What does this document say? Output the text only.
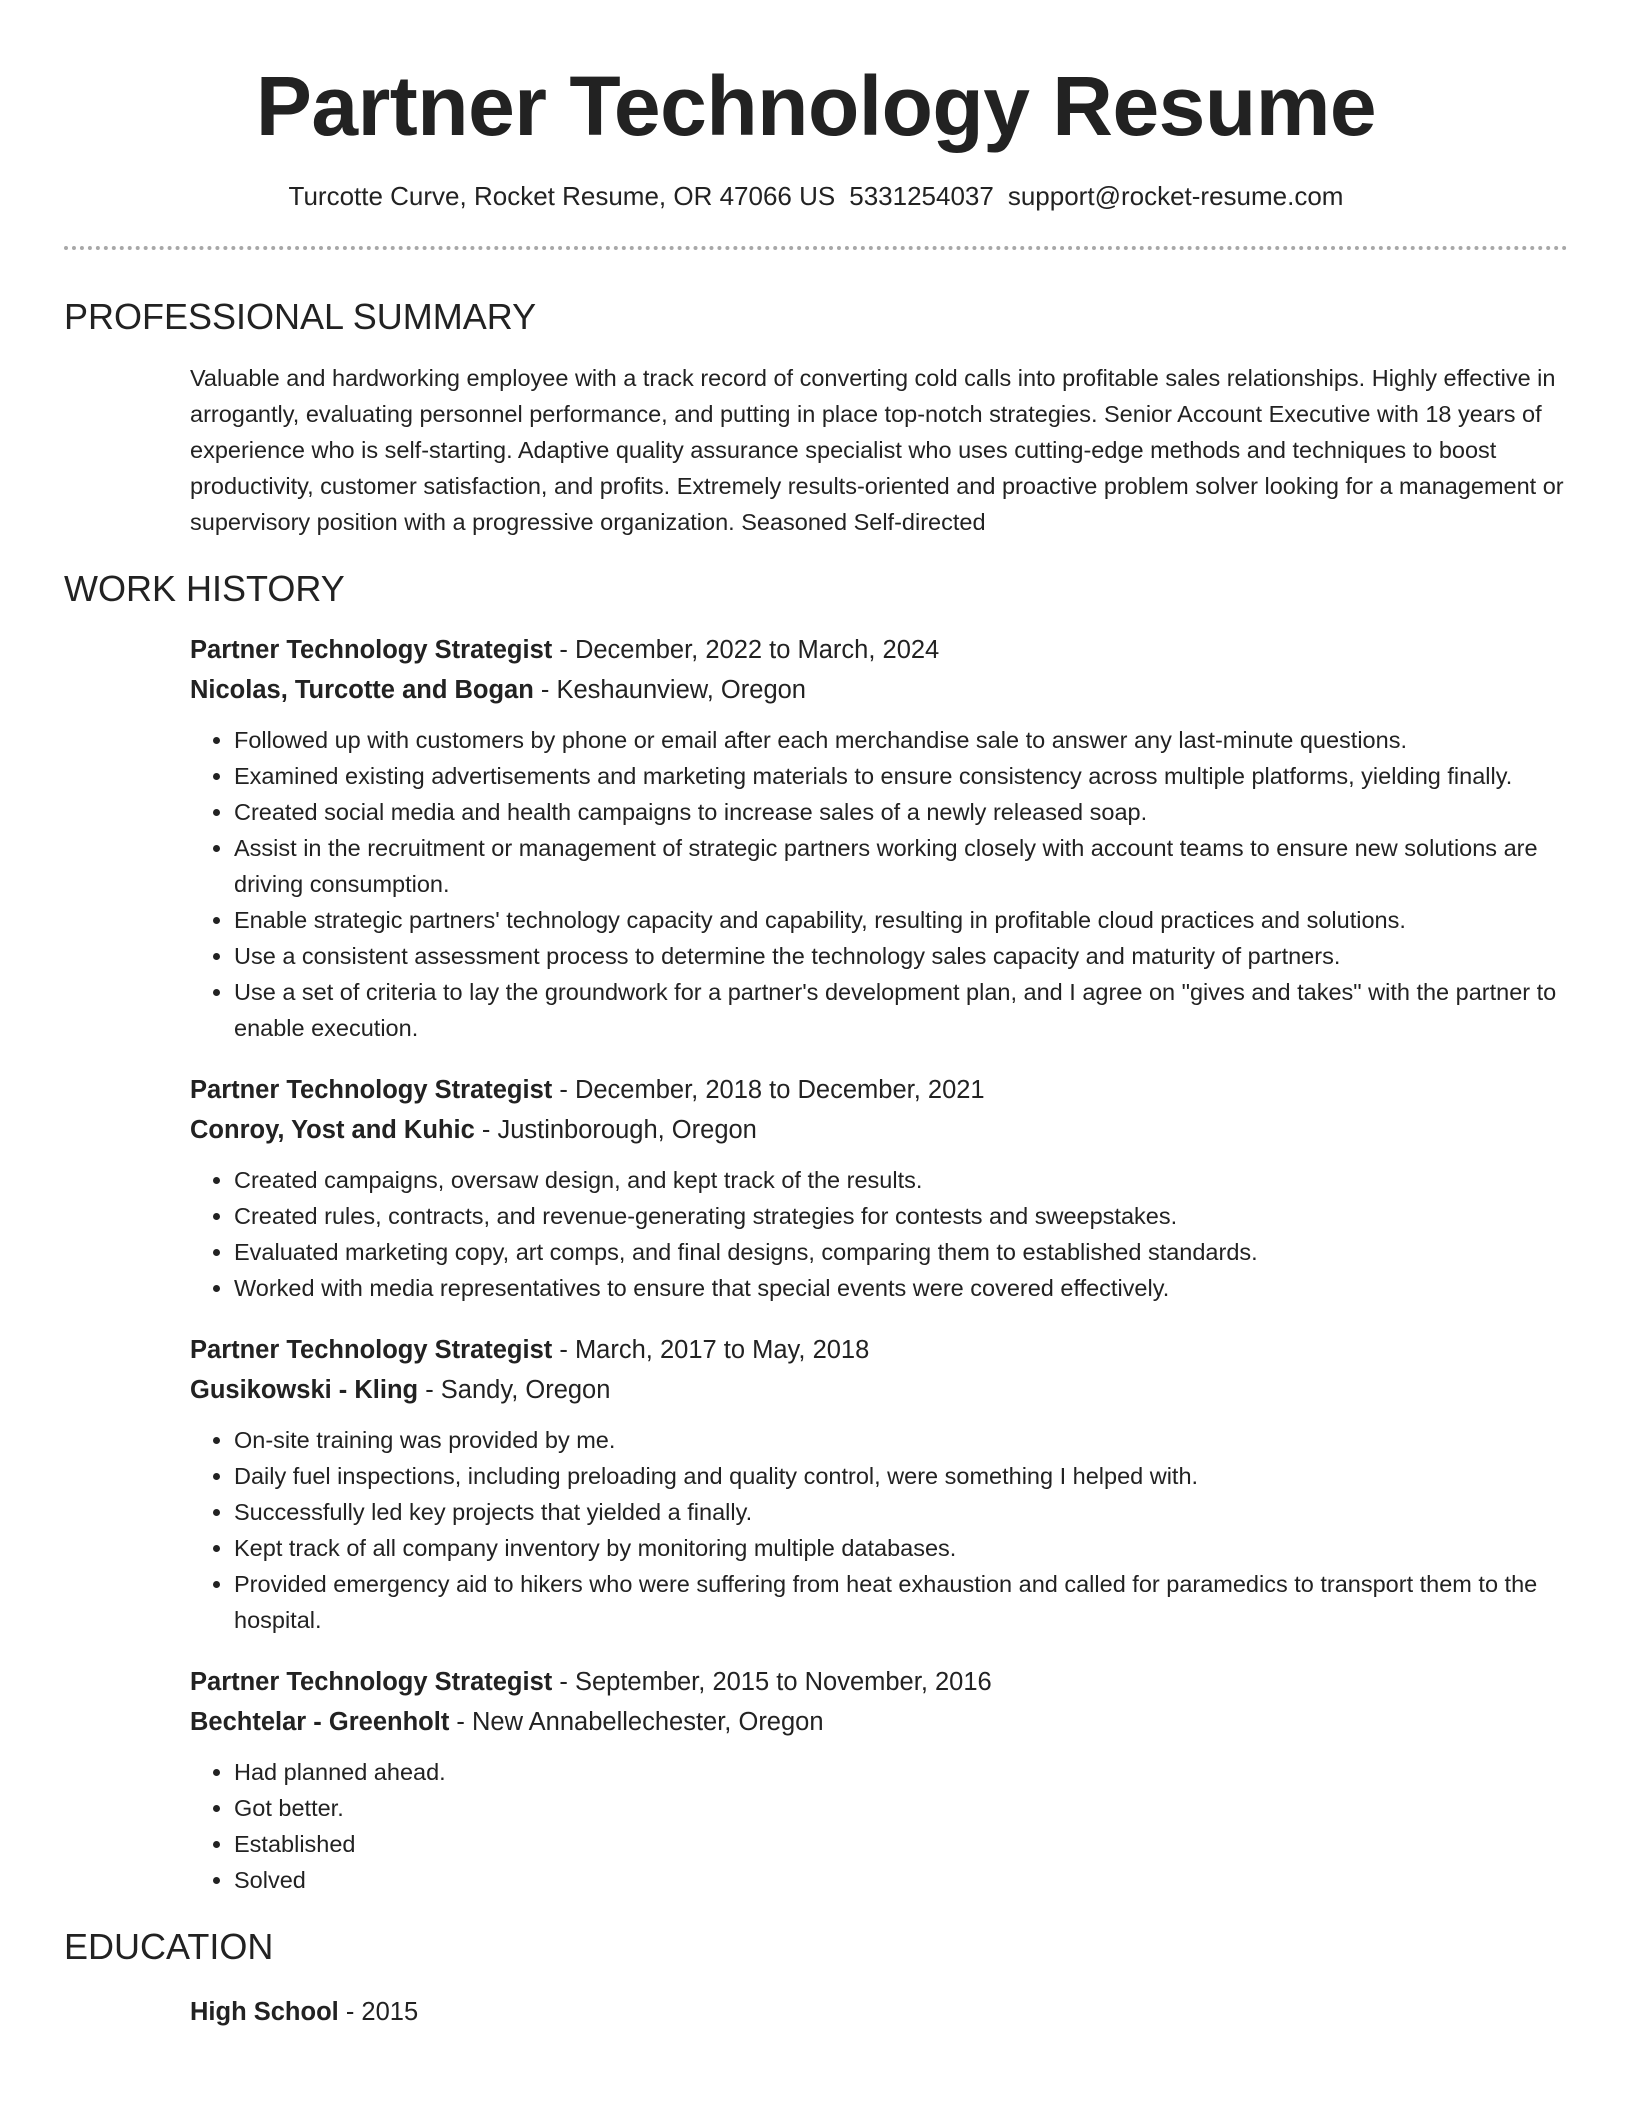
Partner Technology Resume
Turcotte Curve, Rocket Resume, OR 47066 US 5331254037 support@rocket-resume.com
PROFESSIONAL SUMMARY
Valuable and hardworking employee with a track record of converting cold calls into profitable sales relationships. Highly effective in arrogantly, evaluating personnel performance, and putting in place top-notch strategies. Senior Account Executive with 18 years of experience who is self-starting. Adaptive quality assurance specialist who uses cutting-edge methods and techniques to boost productivity, customer satisfaction, and profits. Extremely results-oriented and proactive problem solver looking for a management or supervisory position with a progressive organization. Seasoned Self-directed
WORK HISTORY
Partner Technology Strategist - December, 2022 to March, 2024
Nicolas, Turcotte and Bogan - Keshaunview, Oregon
• Followed up with customers by phone or email after each merchandise sale to answer any last-minute questions.
• Examined existing advertisements and marketing materials to ensure consistency across multiple platforms, yielding finally.
• Created social media and health campaigns to increase sales of a newly released soap.
• Assist in the recruitment or management of strategic partners working closely with account teams to ensure new solutions are driving consumption.
• Enable strategic partners' technology capacity and capability, resulting in profitable cloud practices and solutions.
• Use a consistent assessment process to determine the technology sales capacity and maturity of partners.
• Use a set of criteria to lay the groundwork for a partner's development plan, and I agree on "gives and takes" with the partner to enable execution.
Partner Technology Strategist - December, 2018 to December, 2021
Conroy, Yost and Kuhic - Justinborough, Oregon
• Created campaigns, oversaw design, and kept track of the results.
• Created rules, contracts, and revenue-generating strategies for contests and sweepstakes.
• Evaluated marketing copy, art comps, and final designs, comparing them to established standards.
• Worked with media representatives to ensure that special events were covered effectively.
Partner Technology Strategist - March, 2017 to May, 2018
Gusikowski - Kling - Sandy, Oregon
• On-site training was provided by me.
• Daily fuel inspections, including preloading and quality control, were something I helped with.
• Successfully led key projects that yielded a finally.
• Kept track of all company inventory by monitoring multiple databases.
• Provided emergency aid to hikers who were suffering from heat exhaustion and called for paramedics to transport them to the hospital.
Partner Technology Strategist - September, 2015 to November, 2016
Bechtelar - Greenholt - New Annabellechester, Oregon
• Had planned ahead.
• Got better.
• Established
• Solved
EDUCATION
High School - 2015
